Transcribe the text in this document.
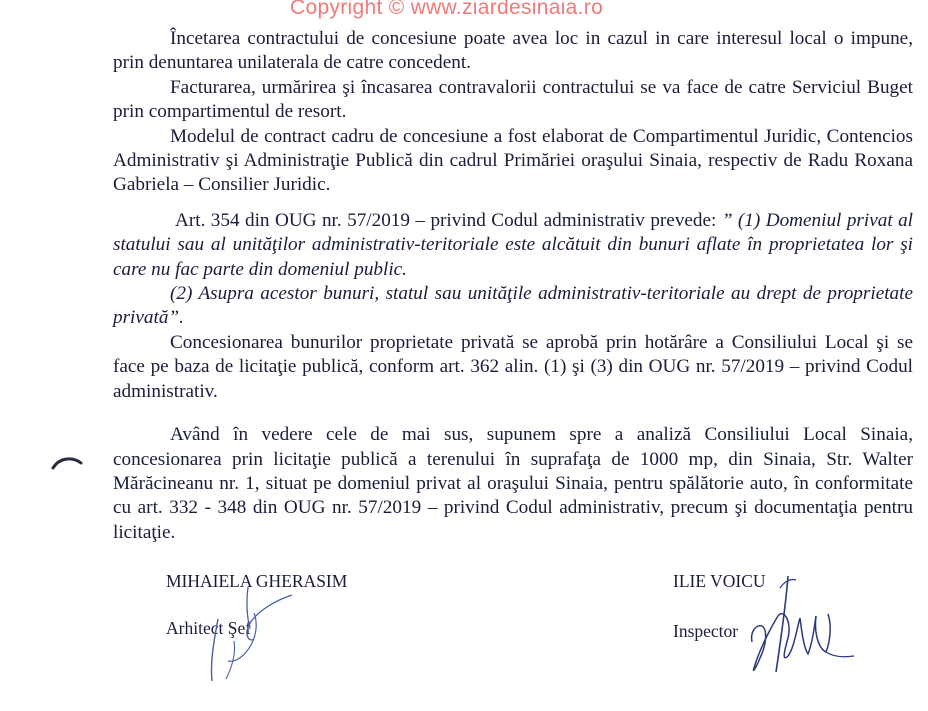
Copyright © www.ziardesinaia.ro

Încetarea contractului de concesiune poate avea loc in cazul in care interesul local o impune, prin denuntarea unilaterala de catre concedent.

Facturarea, urmărirea şi încasarea contravalorii contractului se va face de catre Serviciul Buget prin compartimentul de resort.

Modelul de contract cadru de concesiune a fost elaborat de Compartimentul Juridic, Contencios Administrativ şi Administraţie Publică din cadrul Primăriei oraşului Sinaia, respectiv de Radu Roxana Gabriela – Consilier Juridic.

Art. 354 din OUG nr. 57/2019 – privind Codul administrativ prevede: ” (1) Domeniul privat al statului sau al unităţilor administrativ-teritoriale este alcătuit din bunuri aflate în proprietatea lor şi care nu fac parte din domeniul public.

(2) Asupra acestor bunuri, statul sau unităţile administrativ-teritoriale au drept de proprietate privată”.

Concesionarea bunurilor proprietate privată se aprobă prin hotărâre a Consiliului Local şi se face pe baza de licitaţie publică, conform art. 362 alin. (1) şi (3) din OUG nr. 57/2019 – privind Codul administrativ.

Având în vedere cele de mai sus, supunem spre a analiză Consiliului Local Sinaia, concesionarea prin licitaţie publică a terenului în suprafaţa de 1000 mp, din Sinaia, Str. Walter Mărăcineanu nr. 1, situat pe domeniul privat al oraşului Sinaia, pentru spălătorie auto, în conformitate cu art. 332 - 348 din OUG nr. 57/2019 – privind Codul administrativ, precum şi documentaţia pentru licitaţie.

MIHAIELA GHERASIM
Arhitect Şef
ILIE VOICU
Inspector
